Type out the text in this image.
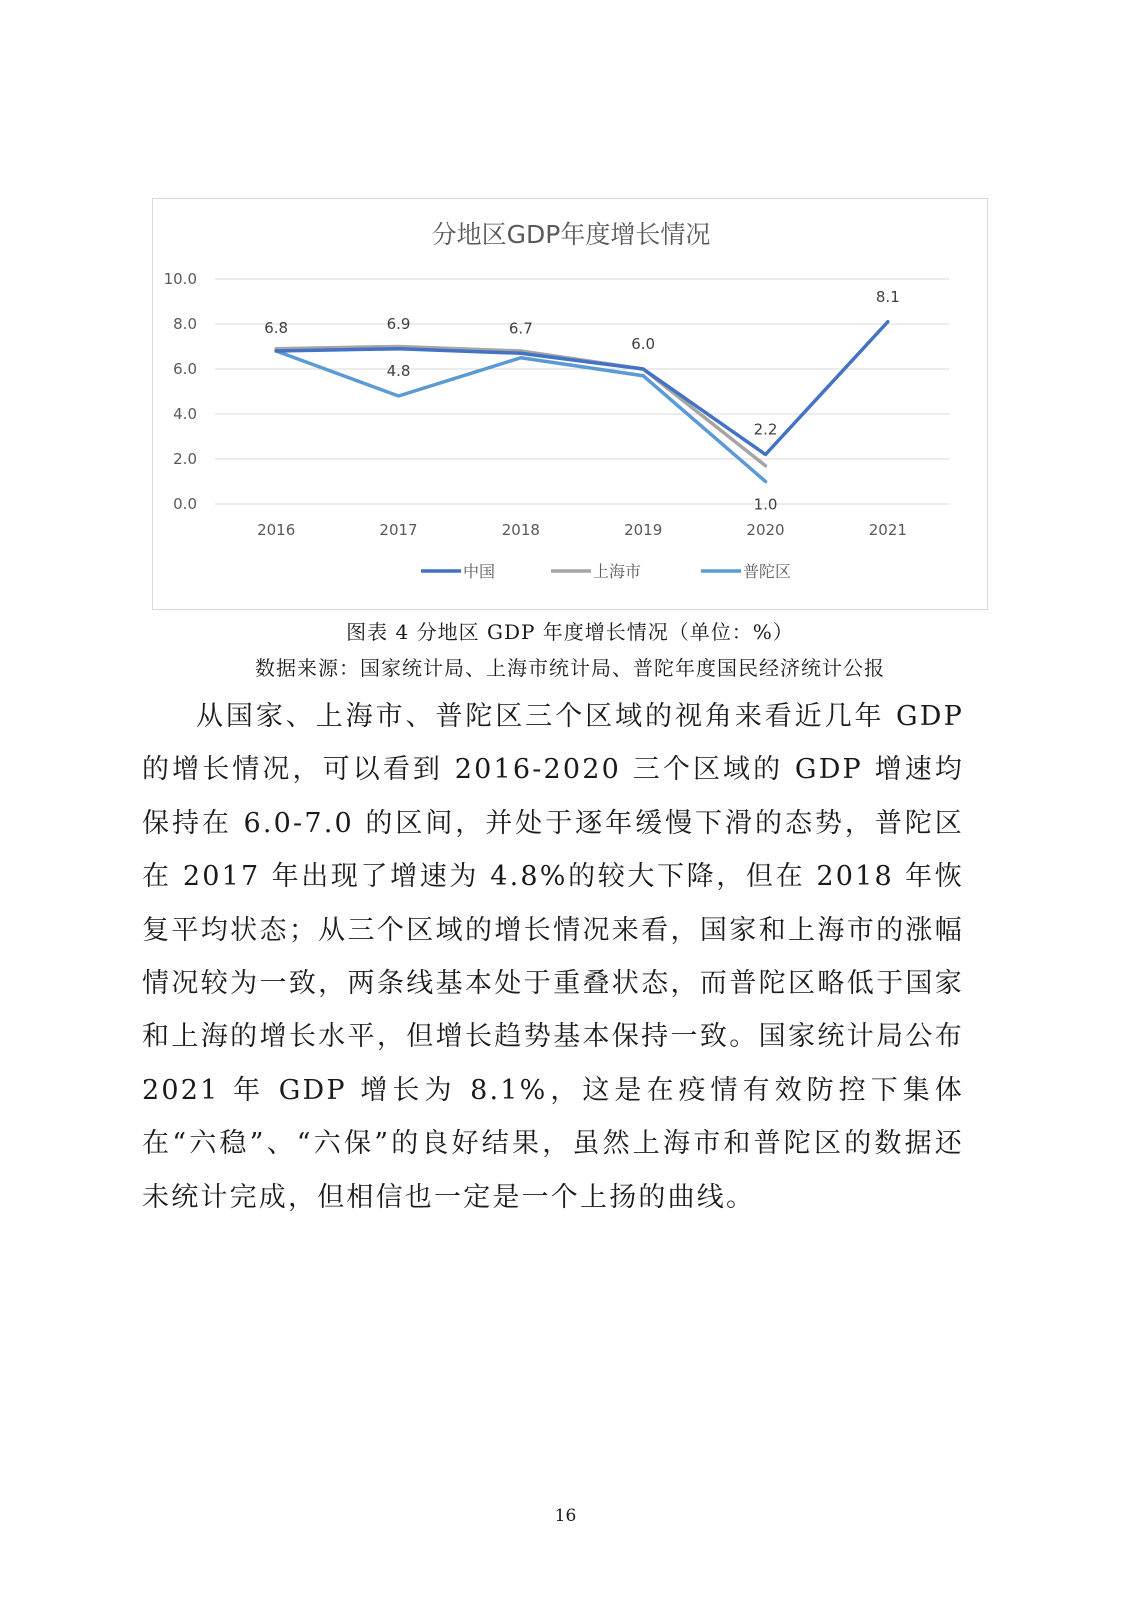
分地区GDP年度增长情况
0.0
2.0
4.0
6.0
8.0
10.0
2016	2017	2018	2019	2020	2021
6.8	6.9	6.7
6.0
2.2
8.1
4.8
1.0
中国	上海市	普陀区
图表 4 分地区 GDP 年度增长情况（单位：%）
数据来源：国家统计局、上海市统计局、普陀年度国民经济统计公报

从国家、上海市、普陀区三个区域的视角来看近几年 GDP 的增长情况，可以看到 2016-2020 三个区域的 GDP 增速均保持在 6.0-7.0 的区间，并处于逐年缓慢下滑的态势，普陀区在 2017 年出现了增速为 4.8%的较大下降，但在 2018 年恢复平均状态；从三个区域的增长情况来看，国家和上海市的涨幅情况较为一致，两条线基本处于重叠状态，而普陀区略低于国家和上海的增长水平，但增长趋势基本保持一致。国家统计局公布 2021 年 GDP 增长为 8.1%，这是在疫情有效防控下集体在“六稳”、“六保”的良好结果，虽然上海市和普陀区的数据还未统计完成，但相信也一定是一个上扬的曲线。

16
